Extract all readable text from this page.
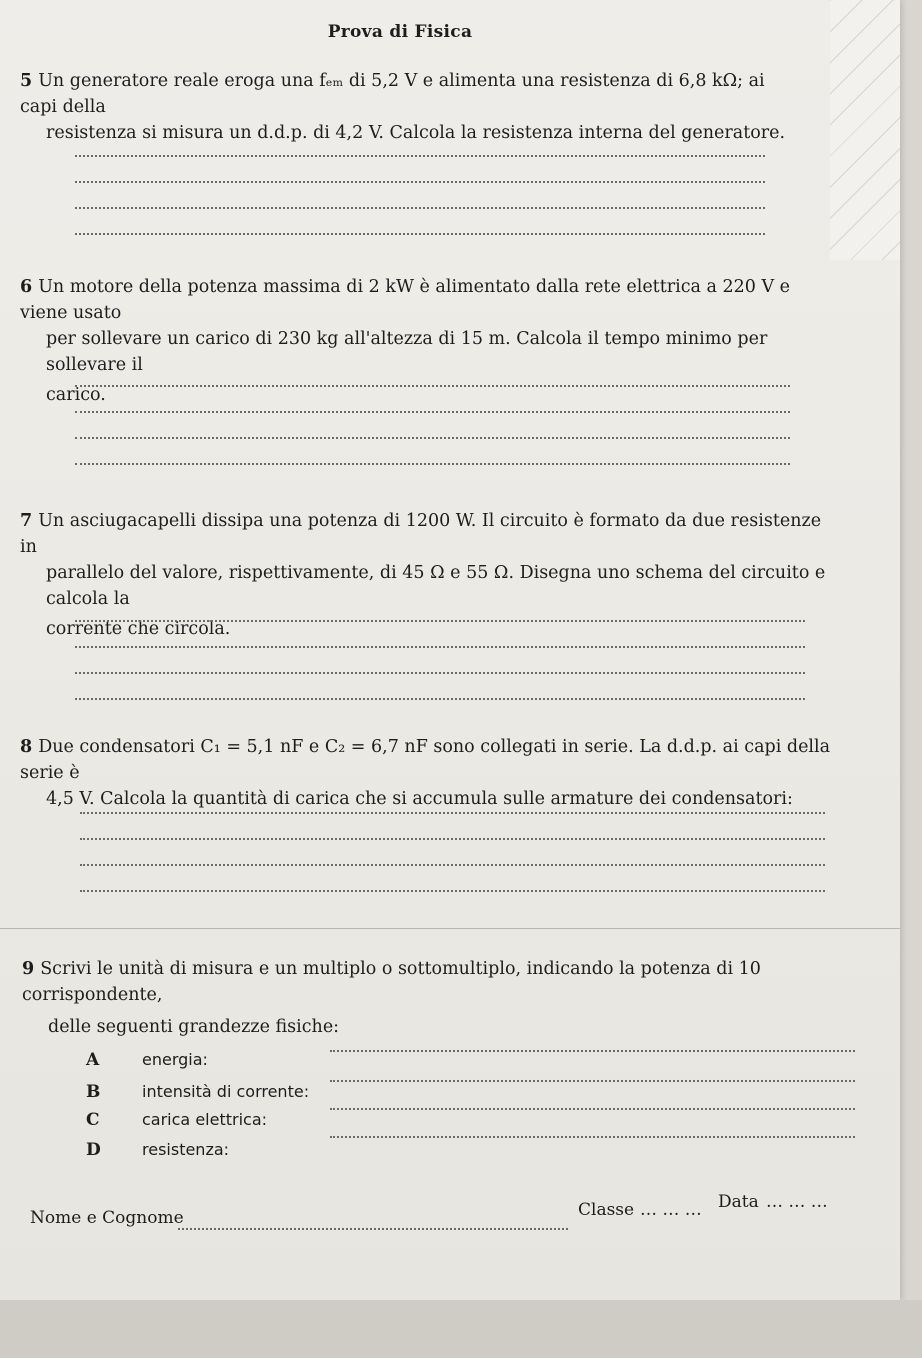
Prova di Fisica

5 Un generatore reale eroga una fₑₘ di 5,2 V e alimenta una resistenza di 6,8 kΩ; ai capi della

resistenza si misura un d.d.p. di 4,2 V. Calcola la resistenza interna del generatore.

6 Un motore della potenza massima di 2 kW è alimentato dalla rete elettrica a 220 V e viene usato

per sollevare un carico di 230 kg all'altezza di 15 m. Calcola il tempo minimo per sollevare il

carico.

7 Un asciugacapelli dissipa una potenza di 1200 W. Il circuito è formato da due resistenze in

parallelo del valore, rispettivamente, di 45 Ω e 55 Ω. Disegna uno schema del circuito e calcola la

corrente che circola.

8 Due condensatori C₁ = 5,1 nF e C₂ = 6,7 nF sono collegati in serie. La d.d.p. ai capi della serie è

4,5 V. Calcola la quantità di carica che si accumula sulle armature dei condensatori:

9 Scrivi le unità di misura e un multiplo o sottomultiplo, indicando la potenza di 10 corrispondente,

delle seguenti grandezze fisiche:

A	energia:
B	intensità di corrente:
C	carica elettrica:
D	resistenza:
Nome e Cognome	Classe … … … Data … … …
